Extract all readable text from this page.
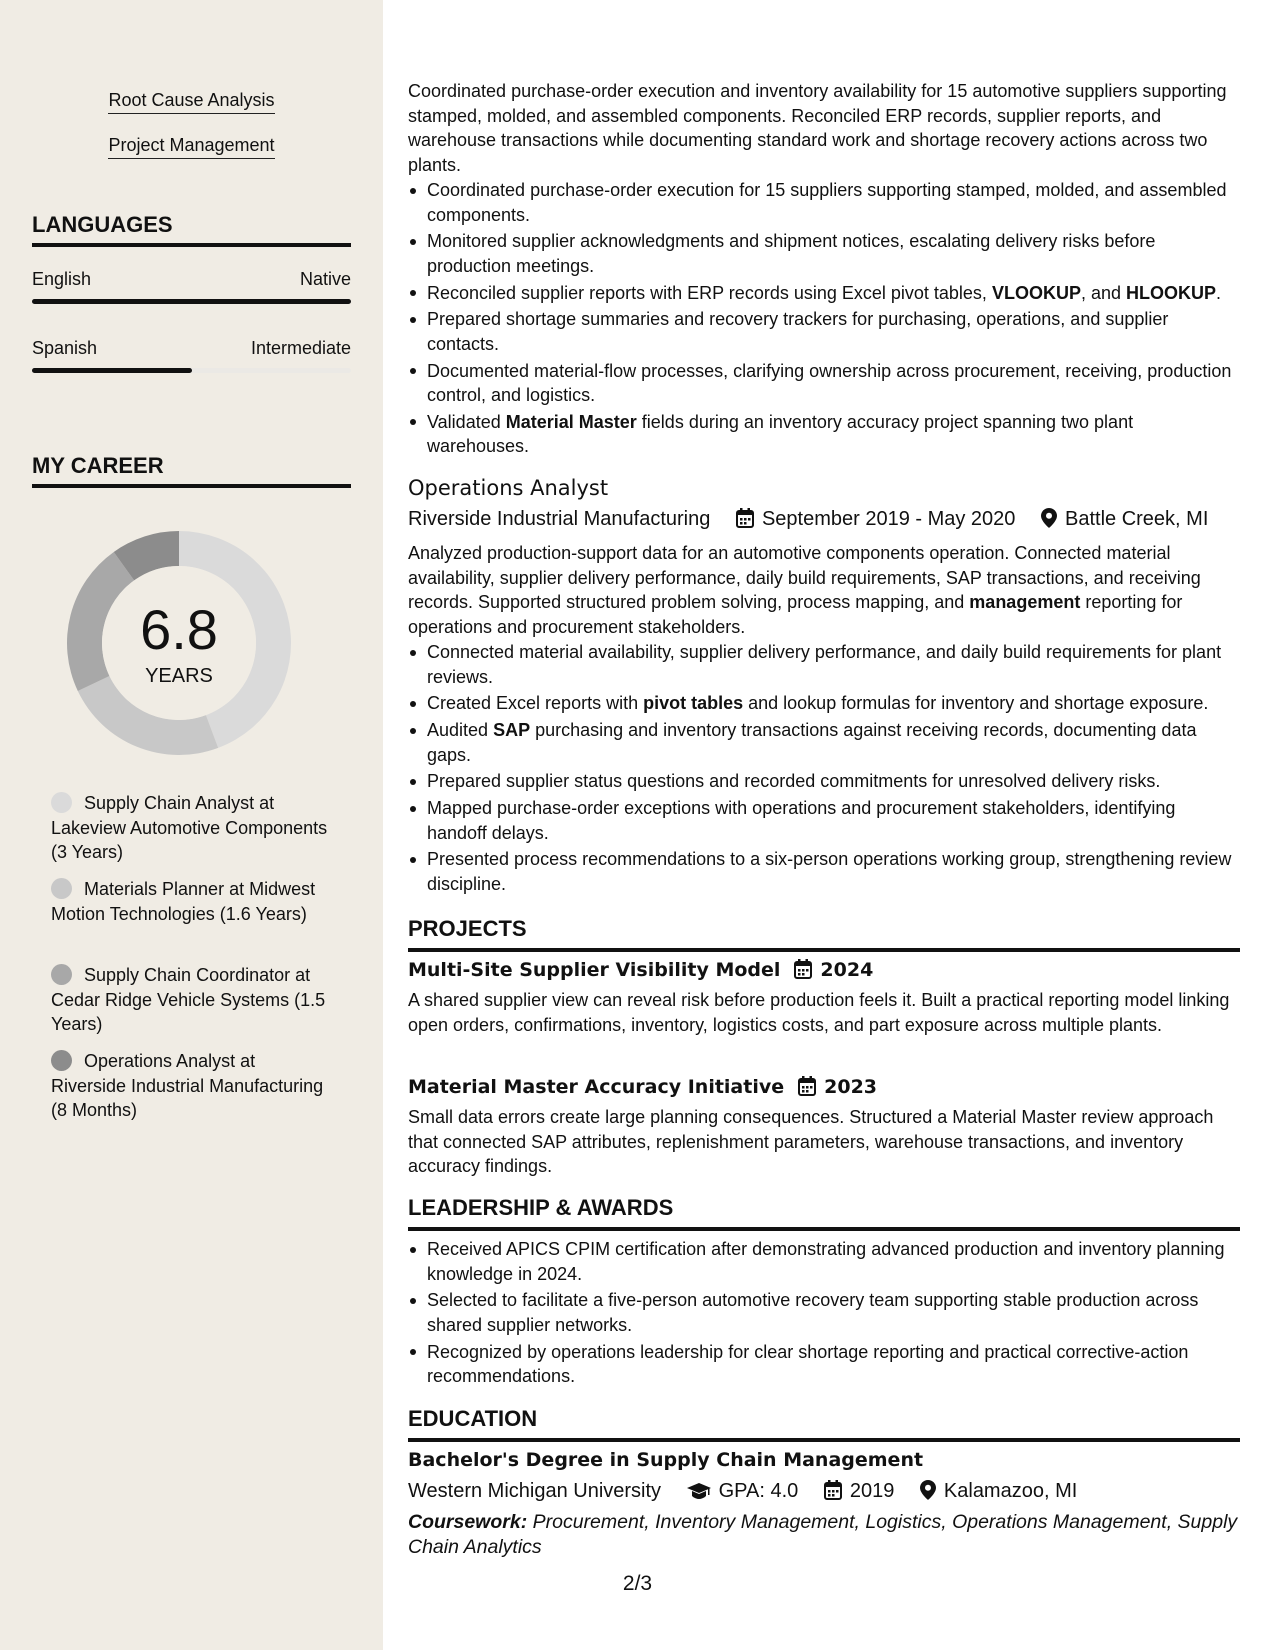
Root Cause Analysis
Project Management
LANGUAGES
English	Native
Spanish	Intermediate
MY CAREER
6.8
YEARS
Supply Chain Analyst at Lakeview Automotive Components (3 Years)
Materials Planner at Midwest Motion Technologies (1.6 Years)
Supply Chain Coordinator at Cedar Ridge Vehicle Systems (1.5 Years)
Operations Analyst at Riverside Industrial Manufacturing (8 Months)
Coordinated purchase-order execution and inventory availability for 15 automotive suppliers supporting stamped, molded, and assembled components. Reconciled ERP records, supplier reports, and warehouse transactions while documenting standard work and shortage recovery actions across two plants.
Coordinated purchase-order execution for 15 suppliers supporting stamped, molded, and assembled components.
Monitored supplier acknowledgments and shipment notices, escalating delivery risks before production meetings.
Reconciled supplier reports with ERP records using Excel pivot tables, VLOOKUP, and HLOOKUP.
Prepared shortage summaries and recovery trackers for purchasing, operations, and supplier contacts.
Documented material-flow processes, clarifying ownership across procurement, receiving, production control, and logistics.
Validated Material Master fields during an inventory accuracy project spanning two plant warehouses.
Operations Analyst
Riverside Industrial Manufacturing	September 2019 - May 2020 Battle Creek, MI
Analyzed production-support data for an automotive components operation. Connected material availability, supplier delivery performance, daily build requirements, SAP transactions, and receiving records. Supported structured problem solving, process mapping, and management reporting for operations and procurement stakeholders.
Connected material availability, supplier delivery performance, and daily build requirements for plant reviews.
Created Excel reports with pivot tables and lookup formulas for inventory and shortage exposure.
Audited SAP purchasing and inventory transactions against receiving records, documenting data gaps.
Prepared supplier status questions and recorded commitments for unresolved delivery risks.
Mapped purchase-order exceptions with operations and procurement stakeholders, identifying handoff delays.
Presented process recommendations to a six-person operations working group, strengthening review discipline.
PROJECTS
Multi-Site Supplier Visibility Model 2024
A shared supplier view can reveal risk before production feels it. Built a practical reporting model linking open orders, confirmations, inventory, logistics costs, and part exposure across multiple plants.
Material Master Accuracy Initiative 2023
Small data errors create large planning consequences. Structured a Material Master review approach that connected SAP attributes, replenishment parameters, warehouse transactions, and inventory accuracy findings.
LEADERSHIP & AWARDS
Received APICS CPIM certification after demonstrating advanced production and inventory planning knowledge in 2024.
Selected to facilitate a five-person automotive recovery team supporting stable production across shared supplier networks.
Recognized by operations leadership for clear shortage reporting and practical corrective-action recommendations.
EDUCATION
Bachelor's Degree in Supply Chain Management
Western Michigan University	GPA: 4.0	2019 Kalamazoo, MI
Coursework: Procurement, Inventory Management, Logistics, Operations Management, Supply Chain Analytics
2/3
